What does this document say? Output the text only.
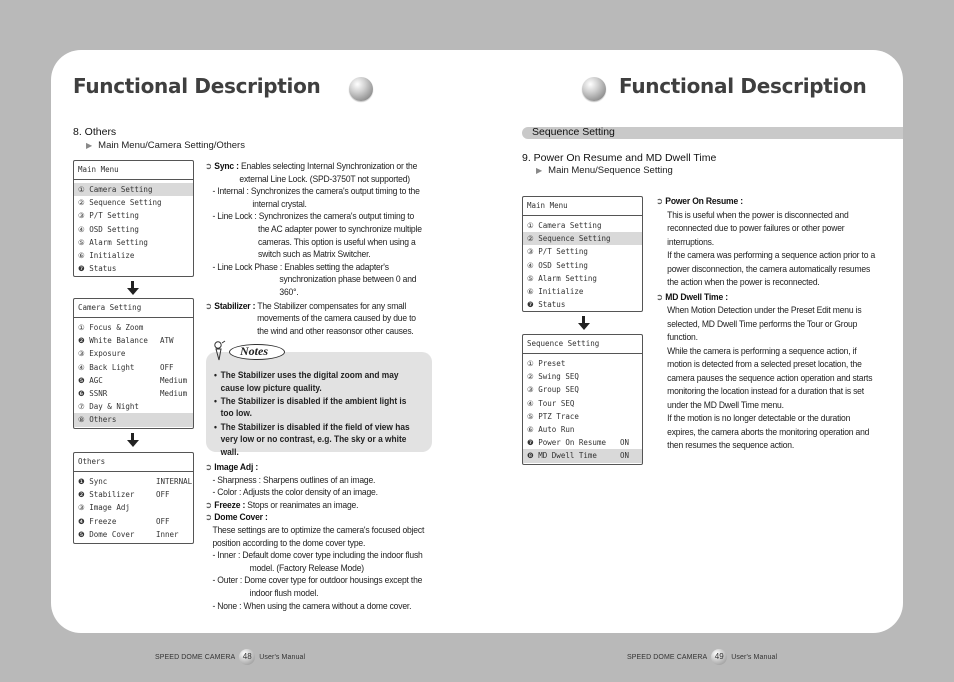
Functional Description
8. Others
▶ Main Menu/Camera Setting/Others
Main Menu
① Camera Setting
② Sequence Setting
③ P/T Setting
④ OSD Setting
⑤ Alarm Setting
⑥ Initialize
❼ Status
Camera Setting
① Focus & Zoom
❷ White Balance ATW
③ Exposure
④ Back Light	OFF
❺ AGC	Medium
❻ SSNR	Medium
⑦ Day & Night
⑧ Others
Others
❶ Sync	INTERNAL
❷ Stabilizer	OFF
③ Image Adj
❹ Freeze	OFF
❺ Dome Cover	Inner
➲ Sync : Enables selecting Internal Synchronization or the
external Line Lock. (SPD-3750T not supported)
- Internal : Synchronizes the camera's output timing to the
internal crystal.
- Line Lock : Synchronizes the camera's output timing to
the AC adapter power to synchronize multiple
cameras. This option is useful when using a
switch such as Matrix Switcher.
- Line Lock Phase : Enables setting the adapter's
synchronization phase between 0 and
360°.
➲ Stabilizer : The Stabilizer compensates for any small
movements of the camera caused by due to
the wind and other reasonsor other causes.
Notes
• The Stabilizer uses the digital zoom and may cause low picture quality.
• The Stabilizer is disabled if the ambient light is too low.
• The Stabilizer is disabled if the field of view has very low or no contrast, e.g. The sky or a white wall.
➲ Image Adj :
- Sharpness : Sharpens outlines of an image.
- Color : Adjusts the color density of an image.
➲ Freeze : Stops or reanimates an image.
➲ Dome Cover :
These settings are to optimize the camera's focused object
position according to the dome cover type.
- Inner : Default dome cover type including the indoor flush
model. (Factory Release Mode)
- Outer : Dome cover type for outdoor housings except the
indoor flush model.
- None : When using the camera without a dome cover.
Functional Description
Sequence Setting
9. Power On Resume and MD Dwell Time
▶ Main Menu/Sequence Setting
Main Menu
① Camera Setting
② Sequence Setting
③ P/T Setting
④ OSD Setting
⑤ Alarm Setting
⑥ Initialize
❼ Status
Sequence Setting
① Preset
② Swing SEQ
③ Group SEQ
④ Tour SEQ
⑤ PTZ Trace
⑥ Auto Run
❼ Power On Resume ON
❽ MD Dwell Time	ON
➲ Power On Resume :
This is useful when the power is disconnected and
reconnected due to power failures or other power
interruptions.
If the camera was performing a sequence action prior to a
power disconnection, the camera automatically resumes
the action when the power is reconnected.
➲ MD Dwell Time :
When Motion Detection under the Preset Edit menu is
selected, MD Dwell Time performs the Tour or Group
function.
While the camera is performing a sequence action, if
motion is detected from a selected preset location, the
camera pauses the sequence action operation and starts
monitoring the location instead for a duration that is set
under the MD Dwell Time menu.
If the motion is no longer detectable or the duration
expires, the camera aborts the monitoring operation and
then resumes the sequence action.
SPEED DOME CAMERA 48 User's Manual	SPEED DOME CAMERA 49 User's Manual
